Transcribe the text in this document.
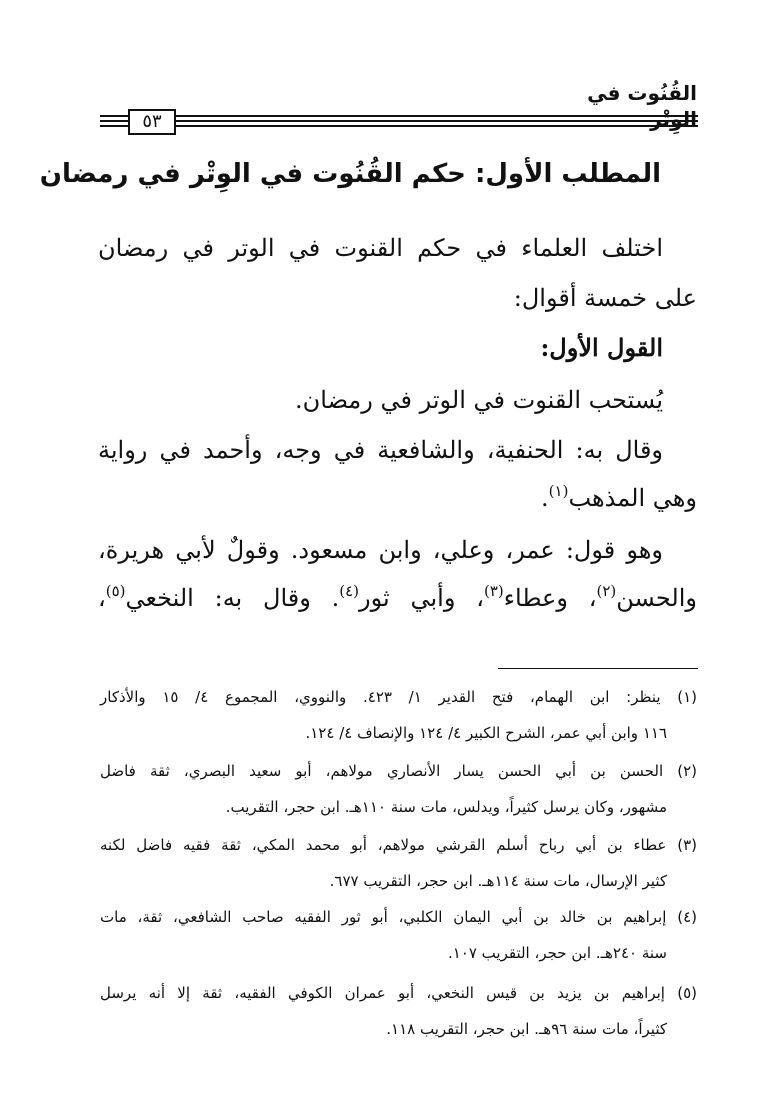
القُنُوت في الوِتْر
٥٣
المطلب الأول: حكم القُنُوت في الوِتْر في رمضان

اختلف العلماء في حكم القنوت في الوتر في رمضان

على خمسة أقوال:

القول الأول:

يُستحب القنوت في الوتر في رمضان.

وقال به: الحنفية، والشافعية في وجه، وأحمد في رواية

وهي المذهب$^{(١)}$.

وهو قول: عمر، وعلي، وابن مسعود. وقولٌ لأبي هريرة،

والحسن$^{(٢)}$، وعطاء$^{(٣)}$، وأبي ثور$^{(٤)}$. وقال به: النخعي$^{(٥)}$،

(١) ينظر: ابن الهمام، فتح القدير ١/ ٤٢٣. والنووي، المجموع ٤/ ١٥ والأذكار

١١٦ وابن أبي عمر، الشرح الكبير ٤/ ١٢٤ والإنصاف ٤/ ١٢٤.

(٢) الحسن بن أبي الحسن يسار الأنصاري مولاهم، أبو سعيد البصري، ثقة فاضل

مشهور، وكان يرسل كثيراً، ويدلس، مات سنة ١١٠هـ. ابن حجر، التقريب.

(٣) عطاء بن أبي رباح أسلم القرشي مولاهم، أبو محمد المكي، ثقة فقيه فاضل لكنه

كثير الإرسال، مات سنة ١١٤هـ. ابن حجر، التقريب ٦٧٧.

(٤) إبراهيم بن خالد بن أبي اليمان الكلبي، أبو ثور الفقيه صاحب الشافعي، ثقة، مات

سنة ٢٤٠هـ. ابن حجر، التقريب ١٠٧.

(٥) إبراهيم بن يزيد بن قيس النخعي، أبو عمران الكوفي الفقيه، ثقة إلا أنه يرسل

كثيراً، مات سنة ٩٦هـ. ابن حجر، التقريب ١١٨.
